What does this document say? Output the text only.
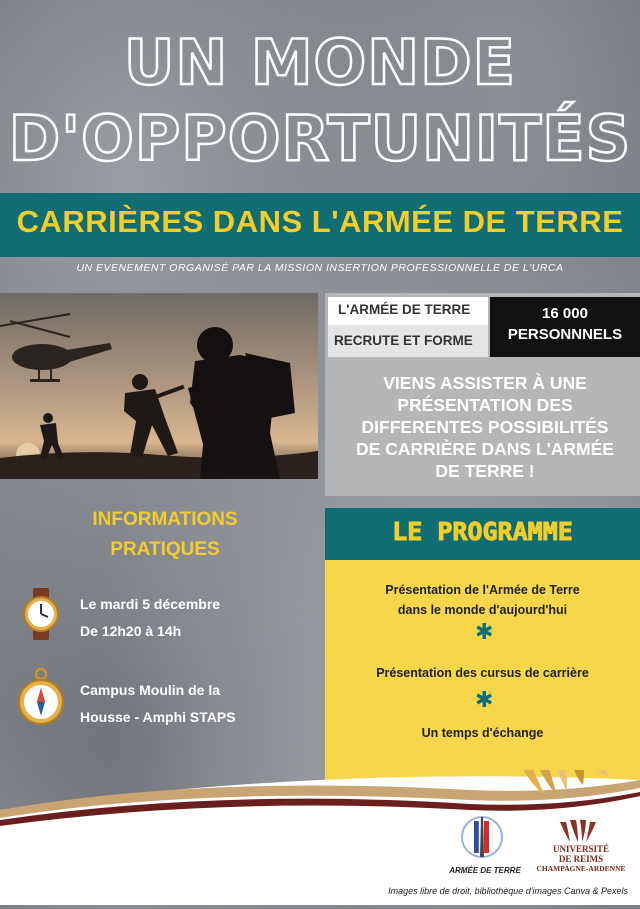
UN MONDE
D'OPPORTUNITÉS
CARRIÈRES DANS L'ARMÉE DE TERRE
UN EVENEMENT ORGANISÉ PAR LA MISSION INSERTION PROFESSIONNELLE DE L'URCA
L'ARMÉE DE TERRE
RECRUTE ET FORME
16 000
PERSONNNELS
VIENS ASSISTER À UNE
PRÉSENTATION DES
DIFFERENTES POSSIBILITÉS
DE CARRIÈRE DANS L'ARMÉE
DE TERRE !
INFORMATIONS
PRATIQUES
Le mardi 5 décembre
De 12h20 à 14h
Campus Moulin de la
Housse - Amphi STAPS
LE PROGRAMME
Présentation de l'Armée de Terre
dans le monde d'aujourd'hui
✱
Présentation des cursus de carrière
✱
Un temps d'échange
ARMÉE DE TERRE
UNIVERSITÉ
DE REIMS
CHAMPAGNE-ARDENNE
Images libre de droit, bibliothèque d'images Canva & Pexels
